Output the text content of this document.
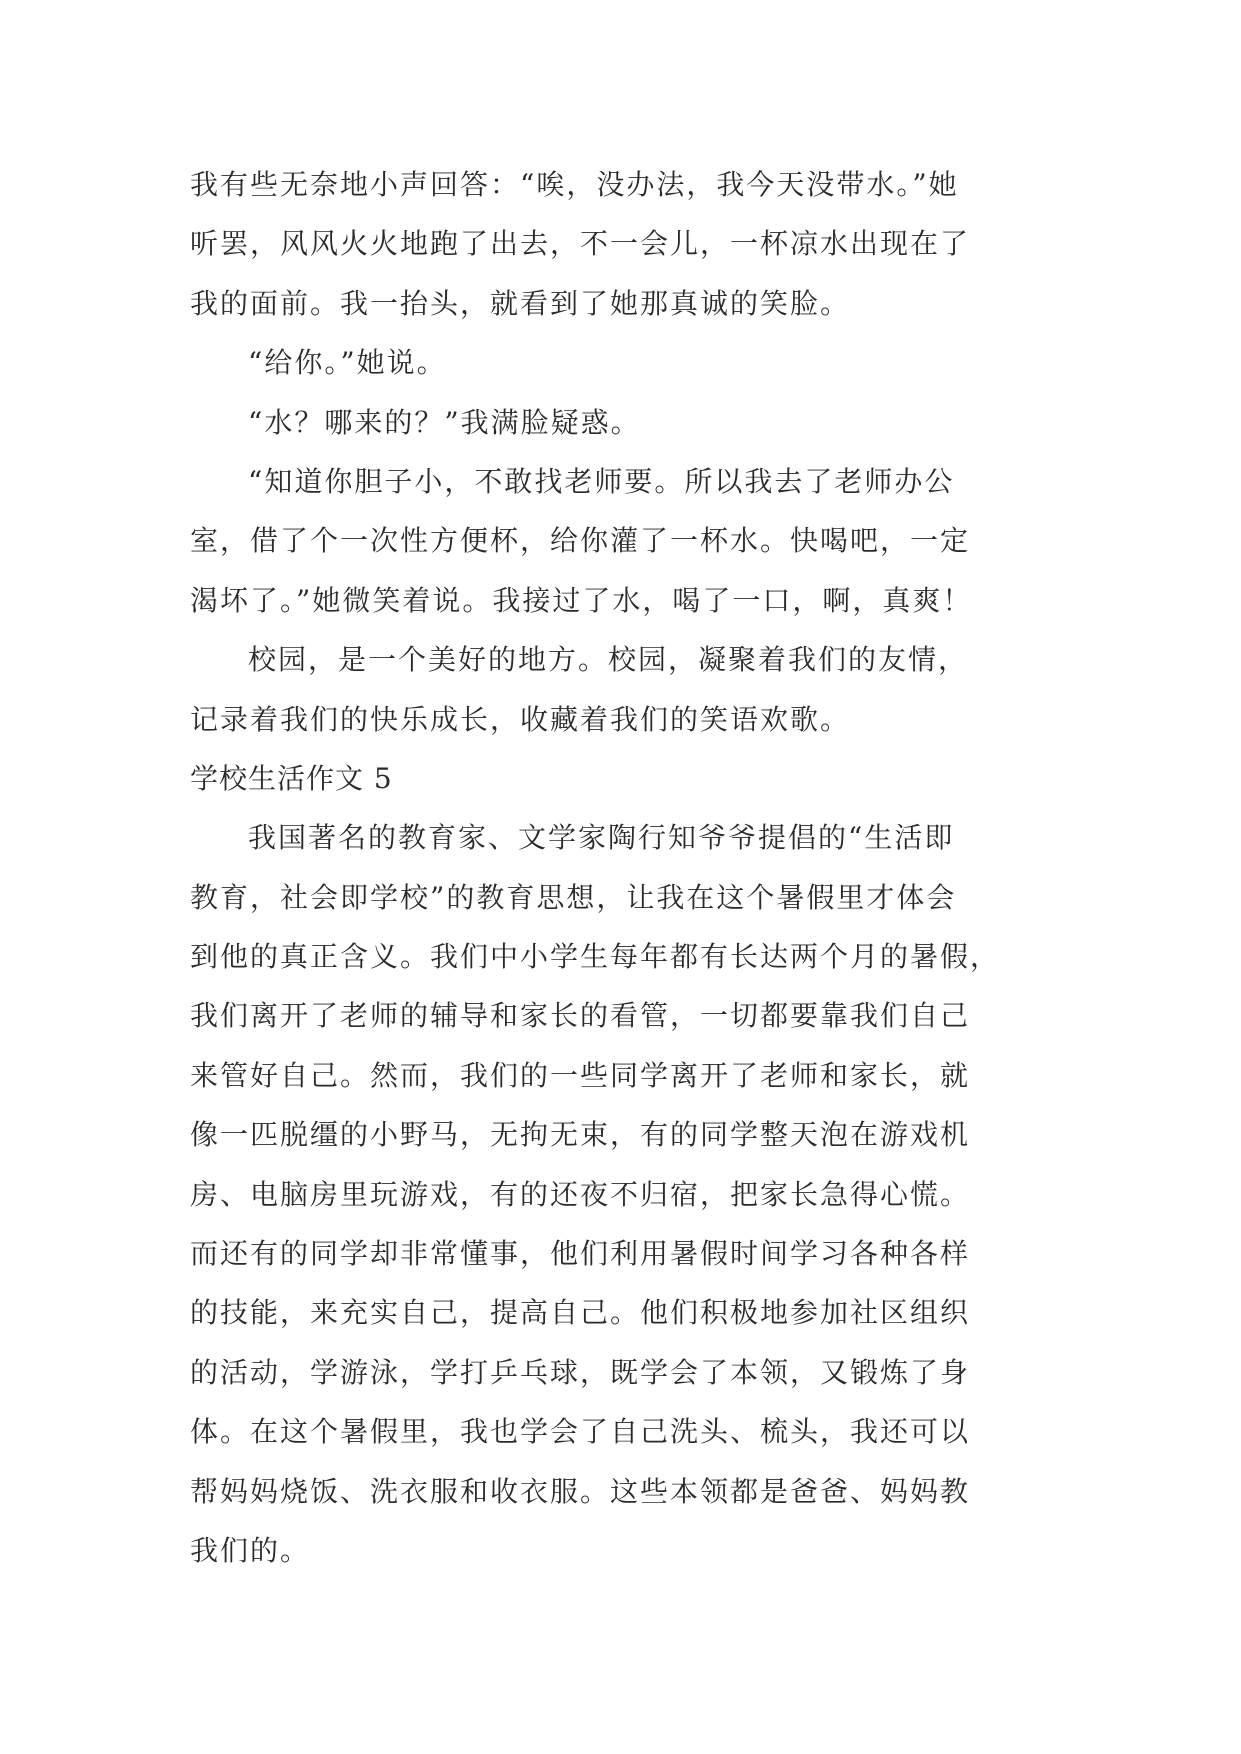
我有些无奈地小声回答：“唉，没办法，我今天没带水。”她
听罢，风风火火地跑了出去，不一会儿，一杯凉水出现在了
我的面前。我一抬头，就看到了她那真诚的笑脸。
“给你。”她说。
“水？哪来的？”我满脸疑惑。
“知道你胆子小，不敢找老师要。所以我去了老师办公
室，借了个一次性方便杯，给你灌了一杯水。快喝吧，一定
渴坏了。”她微笑着说。我接过了水，喝了一口，啊，真爽！
校园，是一个美好的地方。校园，凝聚着我们的友情，
记录着我们的快乐成长，收藏着我们的笑语欢歌。
学校生活作文 5
我国著名的教育家、文学家陶行知爷爷提倡的“生活即
教育，社会即学校”的教育思想，让我在这个暑假里才体会
到他的真正含义。我们中小学生每年都有长达两个月的暑假，
我们离开了老师的辅导和家长的看管，一切都要靠我们自己
来管好自己。然而，我们的一些同学离开了老师和家长，就
像一匹脱缰的小野马，无拘无束，有的同学整天泡在游戏机
房、电脑房里玩游戏，有的还夜不归宿，把家长急得心慌。
而还有的同学却非常懂事，他们利用暑假时间学习各种各样
的技能，来充实自己，提高自己。他们积极地参加社区组织
的活动，学游泳，学打乒乓球，既学会了本领，又锻炼了身
体。在这个暑假里，我也学会了自己洗头、梳头，我还可以
帮妈妈烧饭、洗衣服和收衣服。这些本领都是爸爸、妈妈教
我们的。
